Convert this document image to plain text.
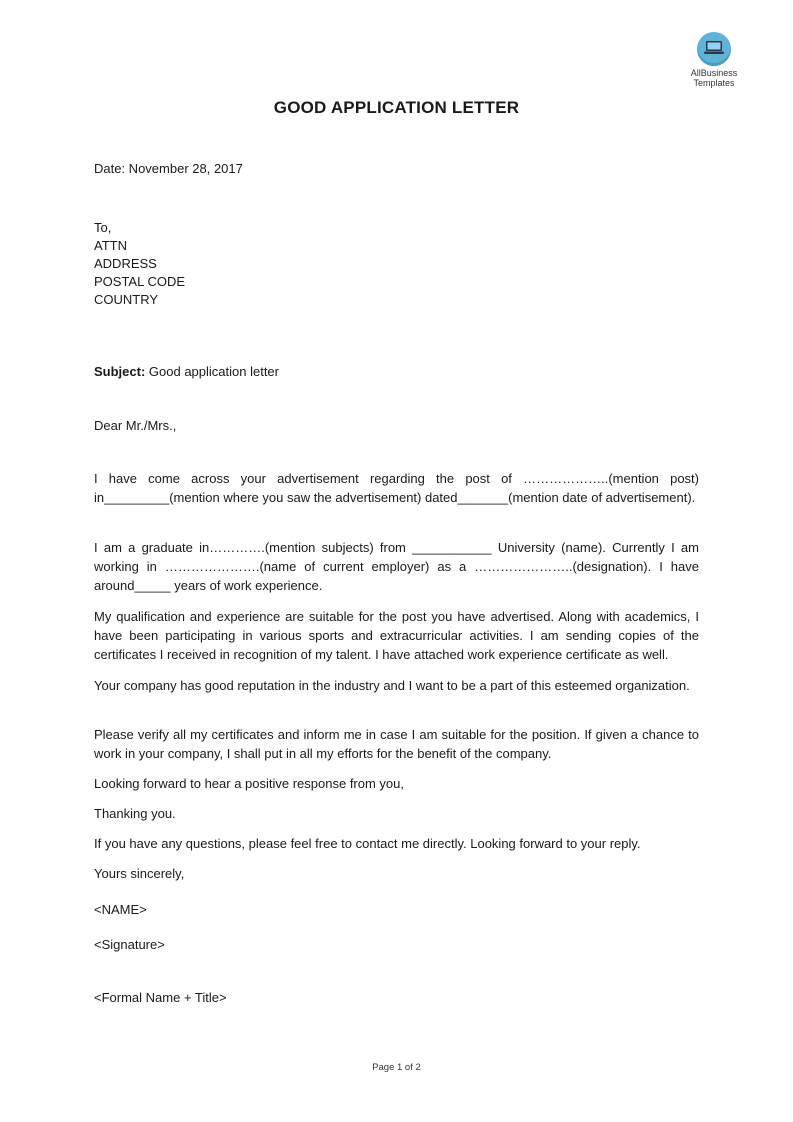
AllBusiness
Templates
GOOD APPLICATION LETTER

Date: November 28, 2017

To,

ATTN

ADDRESS

POSTAL CODE

COUNTRY

Subject: Good application letter

Dear Mr./Mrs.,

I have come across your advertisement regarding the post of ………………..(mention post) in_________(mention where you saw the advertisement) dated_______(mention date of advertisement).

I am a graduate in………….(mention subjects) from ___________ University (name). Currently I am working in ………………….(name of current employer) as a …………………..(designation). I have around_____ years of work experience.

My qualification and experience are suitable for the post you have advertised. Along with academics, I have been participating in various sports and extracurricular activities. I am sending copies of the certificates I received in recognition of my talent. I have attached work experience certificate as well.

Your company has good reputation in the industry and I want to be a part of this esteemed organization.

Please verify all my certificates and inform me in case I am suitable for the position. If given a chance to work in your company, I shall put in all my efforts for the benefit of the company.

Looking forward to hear a positive response from you,

Thanking you.

If you have any questions, please feel free to contact me directly. Looking forward to your reply.

Yours sincerely,

<NAME>

<Signature>

<Formal Name + Title>

Page 1 of 2
